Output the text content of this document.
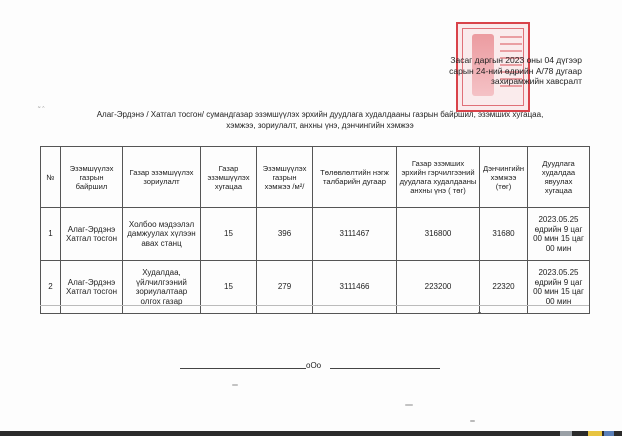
Засаг даргын 2023 оны 04 дүгээр
сарын 24-ний өдрийн А/78 дугаар
захирамжийн хавсралт
˜ ˆ	Алаг-Эрдэнэ / Хатгал тосгон/ сумандгазар эзэмшүүлэх эрхийн дуудлага худалдааны газрын байршил, эзэмших хугацаа,
хэмжээ, зориулалт, анхны үнэ, дэнчингийн хэмжээ
№	Эзэмшүүлэх газрын байршил	Газар эзэмшүүлэх зориулалт	Газар эзэмшүүлэх хугацаа	Эзэмшүүлэх газрын хэмжээ /м²/	Төлөвлөлтийн нэгж талбарийн дугаар	Газар эзэмших эрхийн гэрчилгээний дуудлага худалдааны анхны үнэ ( төг)	Дэнчингийн хэмжээ (төг)	Дуудлага худалдаа явуулах хугацаа
1	Алаг-Эрдэнэ Хатгал тосгон	Холбоо мэдээлэл дамжуулах хүлээн авах станц	15	396	3111467	316800	31680	2023.05.25 өдрийн 9 цаг 00 мин 15 цаг 00 мин
2	Алаг-Эрдэнэ Хатгал тосгон	Худалдаа, үйлчилгээний зориулалтаар олгох газар	15	279	3111466	223200	22320	2023.05.25 өдрийн 9 цаг 00 мин 15 цаг 00 мин
oOo
